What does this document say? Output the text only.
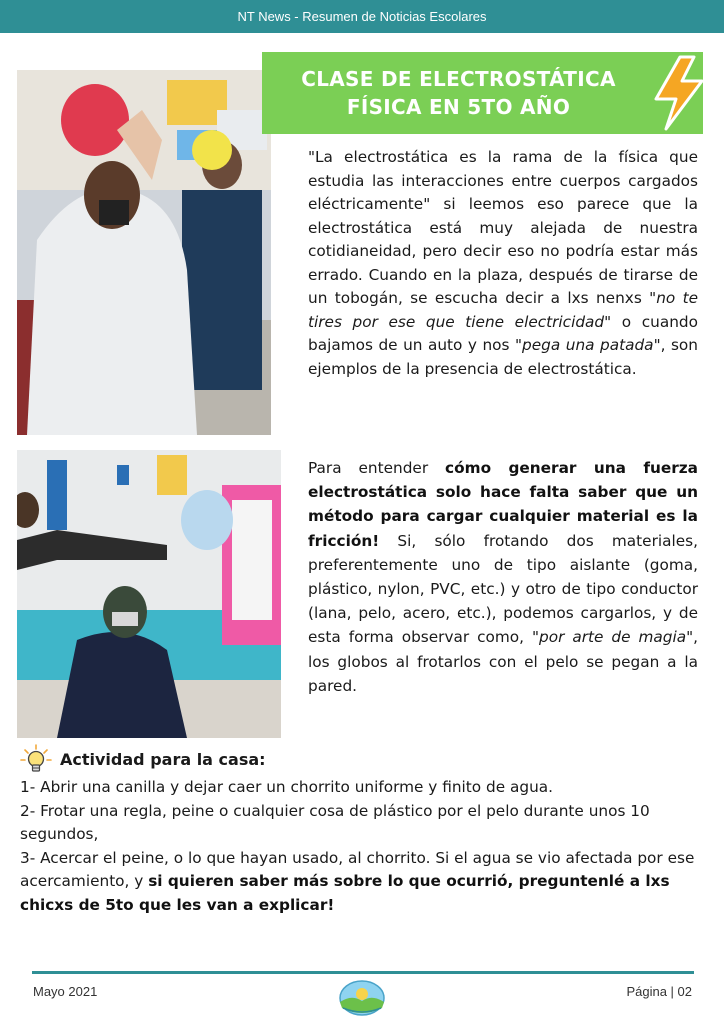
NT News - Resumen de Noticias Escolares
CLASE DE ELECTROSTÁTICA
FÍSICA EN 5TO AÑO
"La electrostática es la rama de la física que estudia las interacciones entre cuerpos cargados eléctricamente" si leemos eso parece que la electrostática está muy alejada de nuestra cotidianeidad, pero decir eso no podría estar más errado. Cuando en la plaza, después de tirarse de un tobogán, se escucha decir a lxs nenxs "no te tires por ese que tiene electricidad" o cuando bajamos de un auto y nos "pega una patada", son ejemplos de la presencia de electrostática.
Para entender cómo generar una fuerza electrostática solo hace falta saber que un método para cargar cualquier material es la fricción! Si, sólo frotando dos materiales, preferentemente uno de tipo aislante (goma, plástico, nylon, PVC, etc.) y otro de tipo conductor (lana, pelo, acero, etc.), podemos cargarlos, y de esta forma observar como, "por arte de magia", los globos al frotarlos con el pelo se pegan a la pared.
Actividad para la casa:
1- Abrir una canilla y dejar caer un chorrito uniforme y finito de agua.
2- Frotar una regla, peine o cualquier cosa de plástico por el pelo durante unos 10 segundos,
3- Acercar el peine, o lo que hayan usado, al chorrito. Si el agua se vio afectada por ese acercamiento, y si quieren saber más sobre lo que ocurrió, preguntenlé a lxs chicxs de 5to que les van a explicar!
Mayo 2021	Página | 02
